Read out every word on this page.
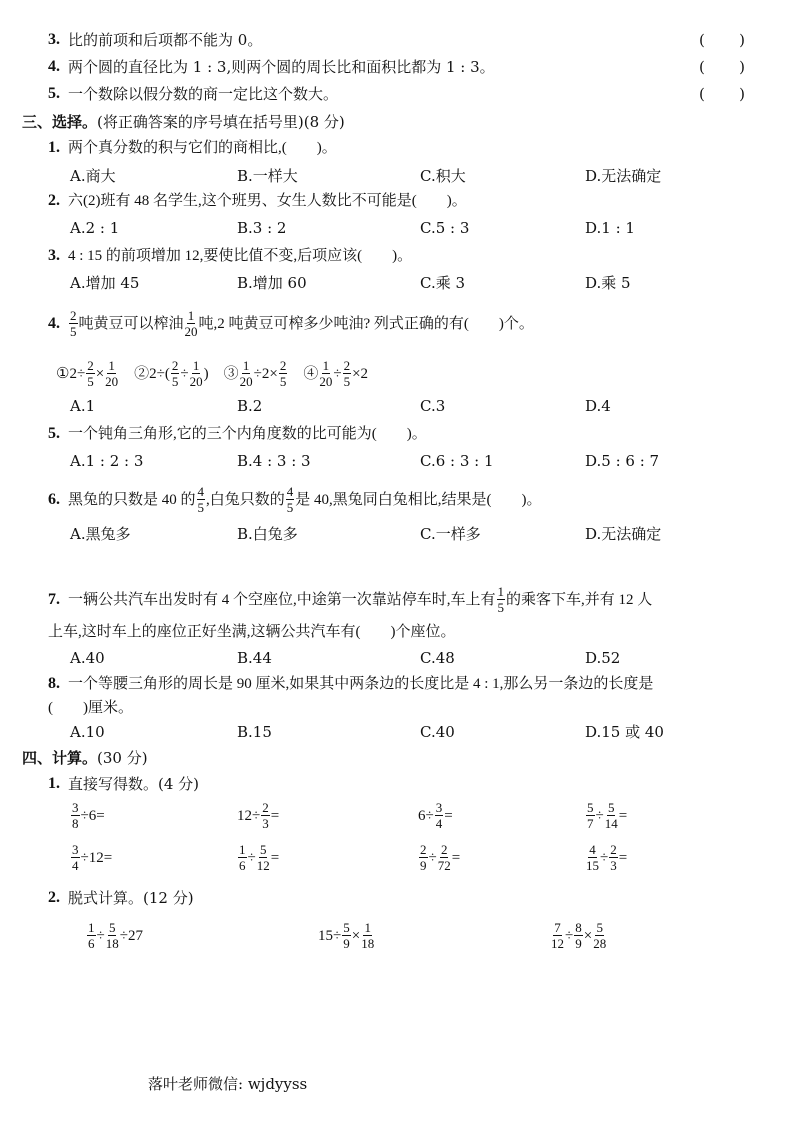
3. 比的前项和后项都不能为 0。	( )
4. 两个圆的直径比为 1 : 3,则两个圆的周长比和面积比都为 1 : 3。	( )
5. 一个数除以假分数的商一定比这个数大。	( )
三、选择。 (将正确答案的序号填在括号里)(8 分)
1. 两个真分数的积与它们的商相比,(　　)。
A.商大	B.一样大	C.积大	D.无法确定
2. 六(2)班有 48 名学生,这个班男、女生人数比不可能是(　　)。
A.2 : 1	B.3 : 2	C.5 : 3	D.1 : 1
3. 4 : 15 的前项增加 12,要使比值不变,后项应该(　　)。
A.增加 45	B.增加 60	C.乘 3	D.乘 5
4. $\frac{2}{5}$ 吨黄豆可以榨油 $\frac{1}{20}$ 吨,2 吨黄豆可榨多少吨油? 列式正确的有(　　)个。
①2÷ $\frac{2}{5} \times \frac{1}{20}$ 　②2÷( $\frac{2}{5} \div \frac{1}{20}$ )　③ $\frac{1}{20} \div 2\times \frac{2}{5}$ 　④ $\frac{1}{20} \div \frac{2}{5} \times 2$
A.1	B.2	C.3	D.4
5. 一个钝角三角形,它的三个内角度数的比可能为(　　)。
A.1 : 2 : 3	B.4 : 3 : 3	C.6 : 3 : 1	D.5 : 6 : 7
6. 黑兔的只数是 40 的 $\frac{4}{5}$ ,白兔只数的 $\frac{4}{5}$ 是 40,黑兔同白兔相比,结果是(　　)。
A.黑兔多	B.白兔多	C.一样多	D.无法确定
7. 一辆公共汽车出发时有 4 个空座位,中途第一次靠站停车时,车上有 $\frac{1}{5}$ 的乘客下车,并有 12 人
上车,这时车上的座位正好坐满,这辆公共汽车有(　　)个座位。
A.40	B.44	C.48	D.52
8. 一个等腰三角形的周长是 90 厘米,如果其中两条边的长度比是 4 : 1,那么另一条边的长度是
(　　)厘米。
A.10	B.15	C.40	D.15 或 40
四、计算。 (30 分)
1. 直接写得数。(4 分)
$\frac{3}{8} \div 6=$	$12\div \frac{2}{3}$ =	$6\div \frac{3}{4}$ =	$\frac{5}{7} \div \frac{5}{14}$ =
$\frac{3}{4} \div 12=$	$\frac{1}{6} \div \frac{5}{12}$ =	$\frac{2}{9} \div \frac{2}{72}$ =	$\frac{4}{15} \div \frac{2}{3}$ =
2. 脱式计算。(12 分)
$\frac{1}{6} \div \frac{5}{18} \div 27$	$15\div \frac{5}{9} \times \frac{1}{18}$	$\frac{7}{12} \div \frac{8}{9} \times \frac{5}{28}$
落叶老师微信: wjdyyss
